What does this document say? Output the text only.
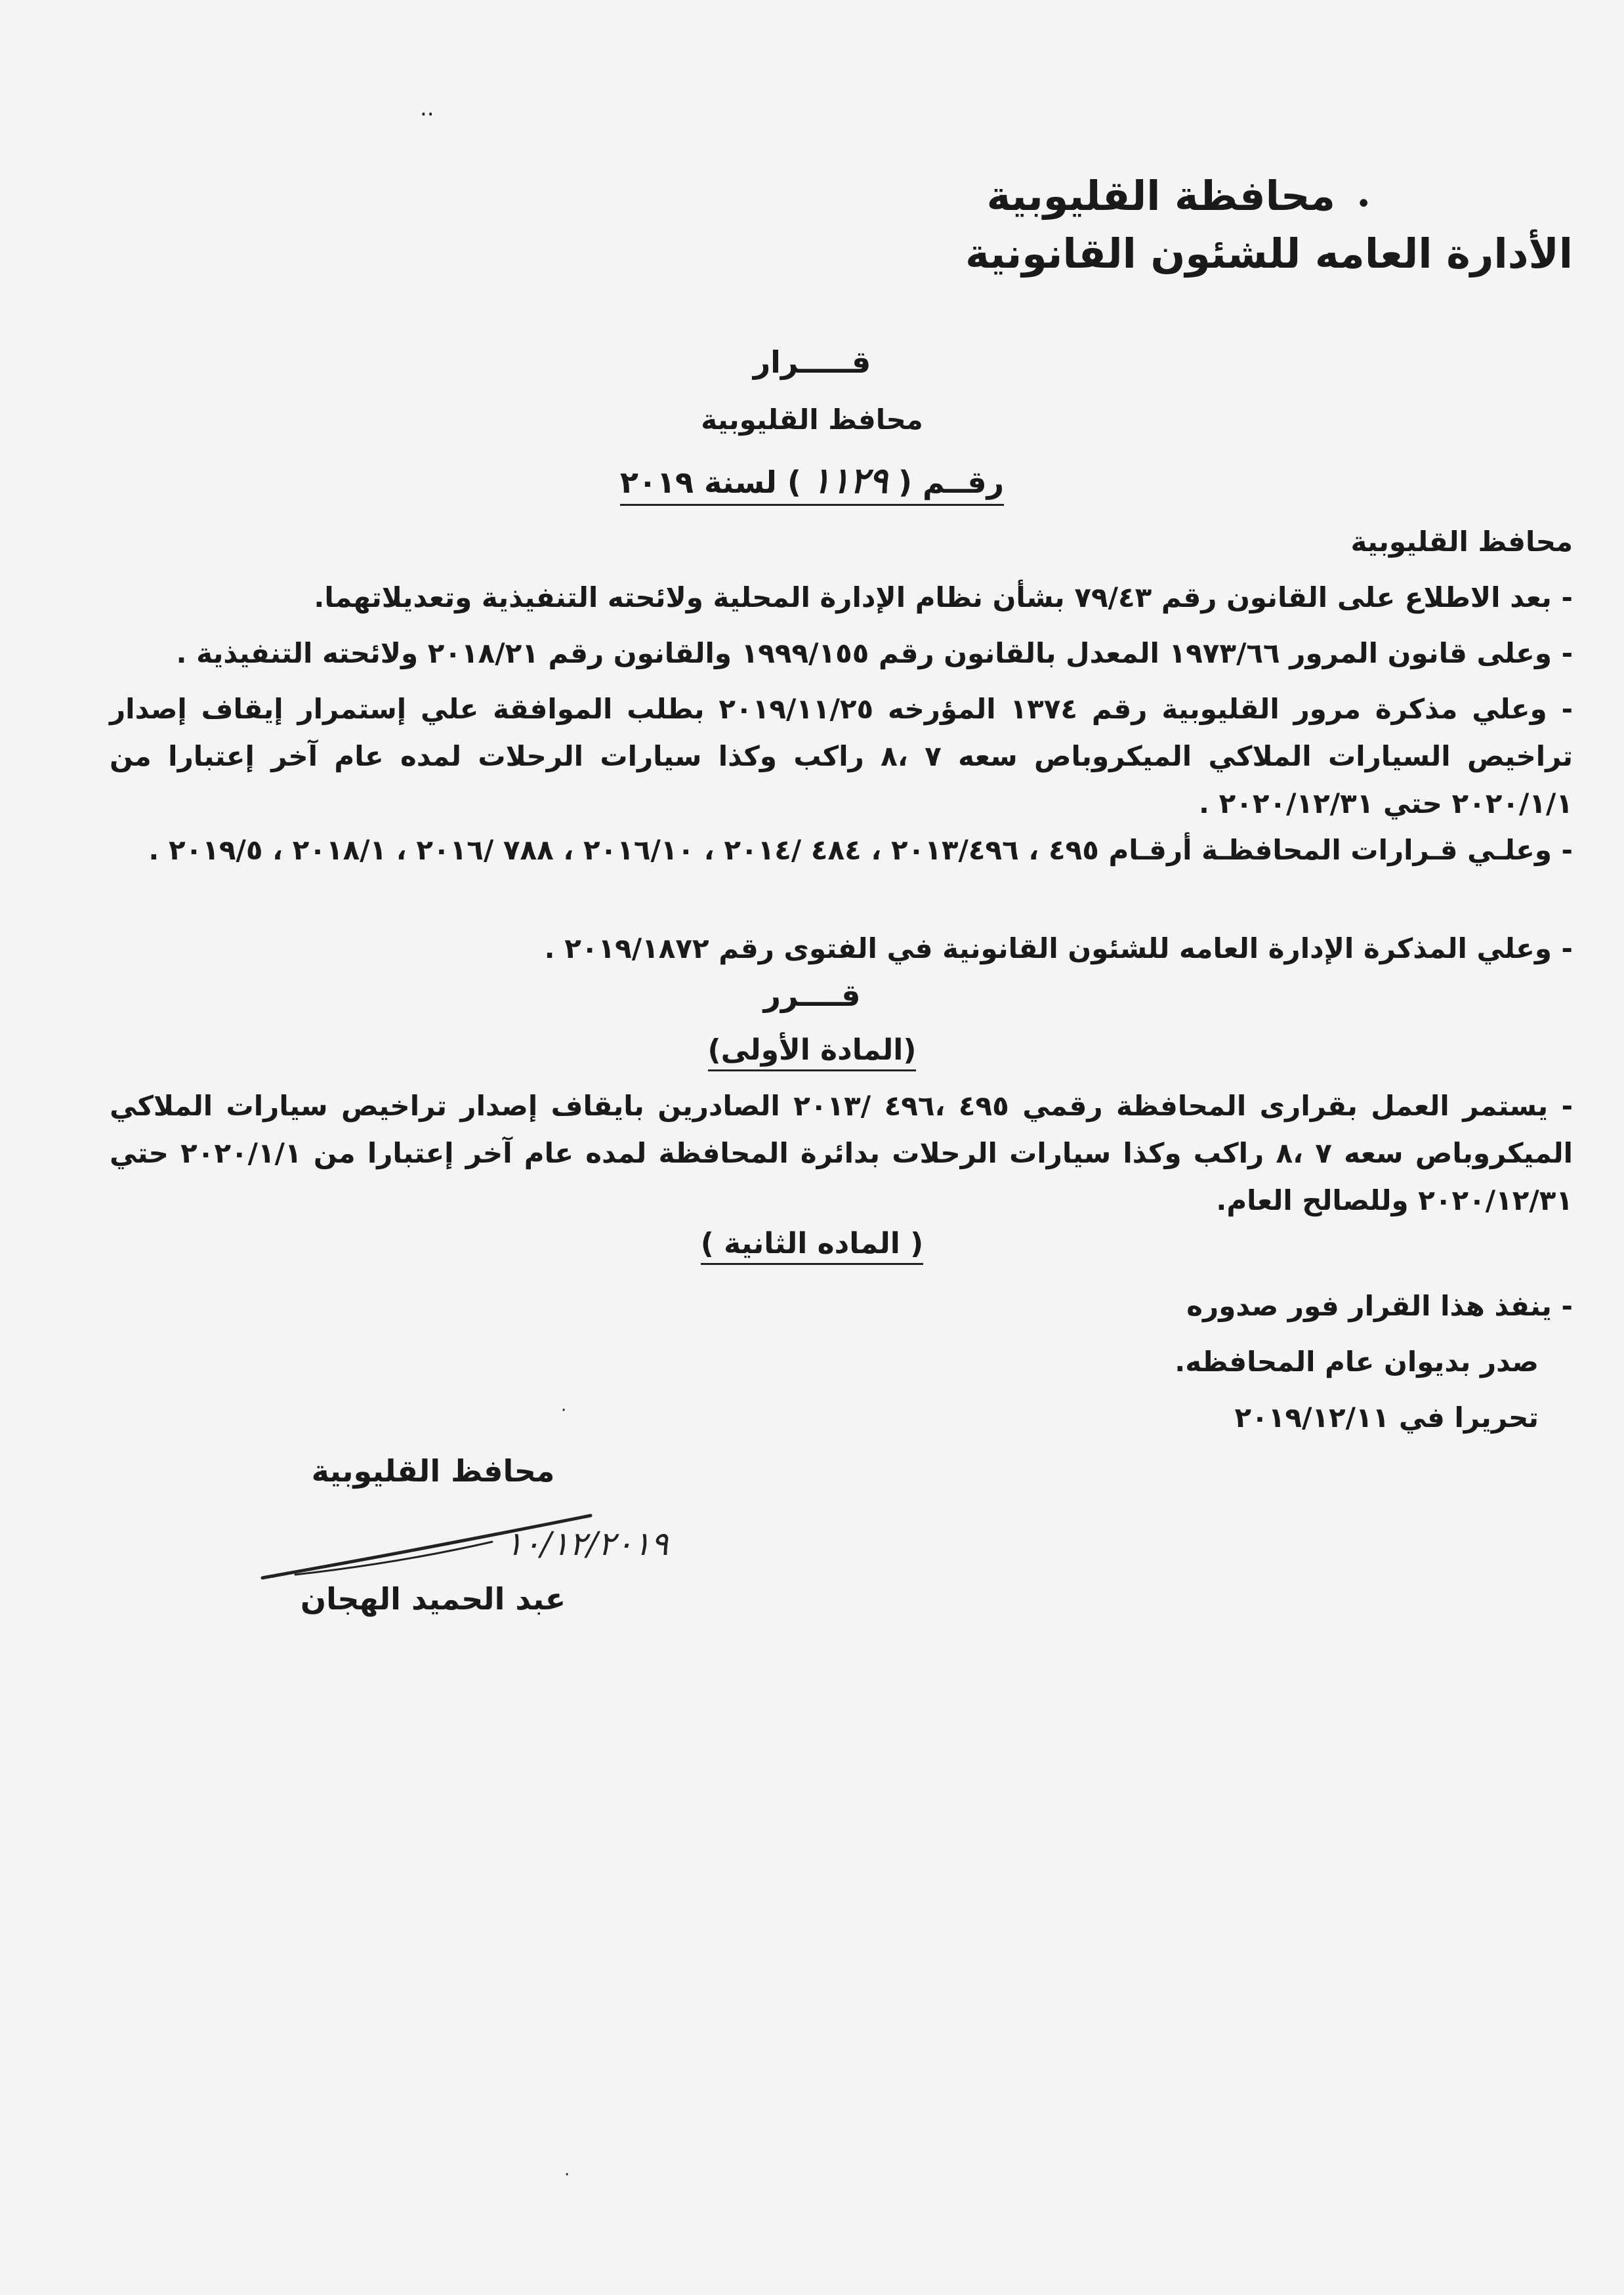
..
•
محافظة القليوبية
الأدارة العامه للشئون القانونية
قـــــرار
محافظ القليوبية
رقــم ( ١١٢٩ ) لسنة ٢٠١٩
محافظ القليوبية
- بعد الاطلاع على القانون رقم ٧٩/٤٣ بشأن نظام الإدارة المحلية ولائحته التنفيذية وتعديلاتهما.
- وعلى قانون المرور ١٩٧٣/٦٦ المعدل بالقانون رقم ١٩٩٩/١٥٥ والقانون رقم ٢٠١٨/٢١ ولائحته التنفيذية .
- وعلي مذكرة مرور القليوبية رقم ١٣٧٤ المؤرخه ٢٠١٩/١١/٢٥ بطلب الموافقة علي إستمرار إيقاف إصدار تراخيص السيارات الملاكي الميكروباص سعه ٧ ،٨ راكب وكذا سيارات الرحلات لمده عام آخر إعتبارا من ٢٠٢٠/١/١ حتي ٢٠٢٠/١٢/٣١ .
- وعلـي قـرارات المحافظـة أرقـام ٤٩٥ ، ٢٠١٣/٤٩٦ ، ٤٨٤ /٢٠١٤ ، ٢٠١٦/١٠ ، ٧٨٨ /٢٠١٦ ، ٢٠١٨/١ ، ٢٠١٩/٥ .
- وعلي المذكرة الإدارة العامه للشئون القانونية في الفتوى رقم ٢٠١٩/١٨٧٢ .
قــــرر
(المادة الأولى)
- يستمر العمل بقرارى المحافظة رقمي ٤٩٥ ،٤٩٦ /٢٠١٣ الصادرين بايقاف إصدار تراخيص سيارات الملاكي الميكروباص سعه ٧ ،٨ راكب وكذا سيارات الرحلات بدائرة المحافظة لمده عام آخر إعتبارا من ٢٠٢٠/١/١ حتي ٢٠٢٠/١٢/٣١ وللصالح العام.
( الماده الثانية )
- ينفذ هذا القرار فور صدوره
صدر بديوان عام المحافظه.
تحريرا في ٢٠١٩/١٢/١١
محافظ القليوبية
١٠/١٢/٢٠١٩
عبد الحميد الهجان
·
·
